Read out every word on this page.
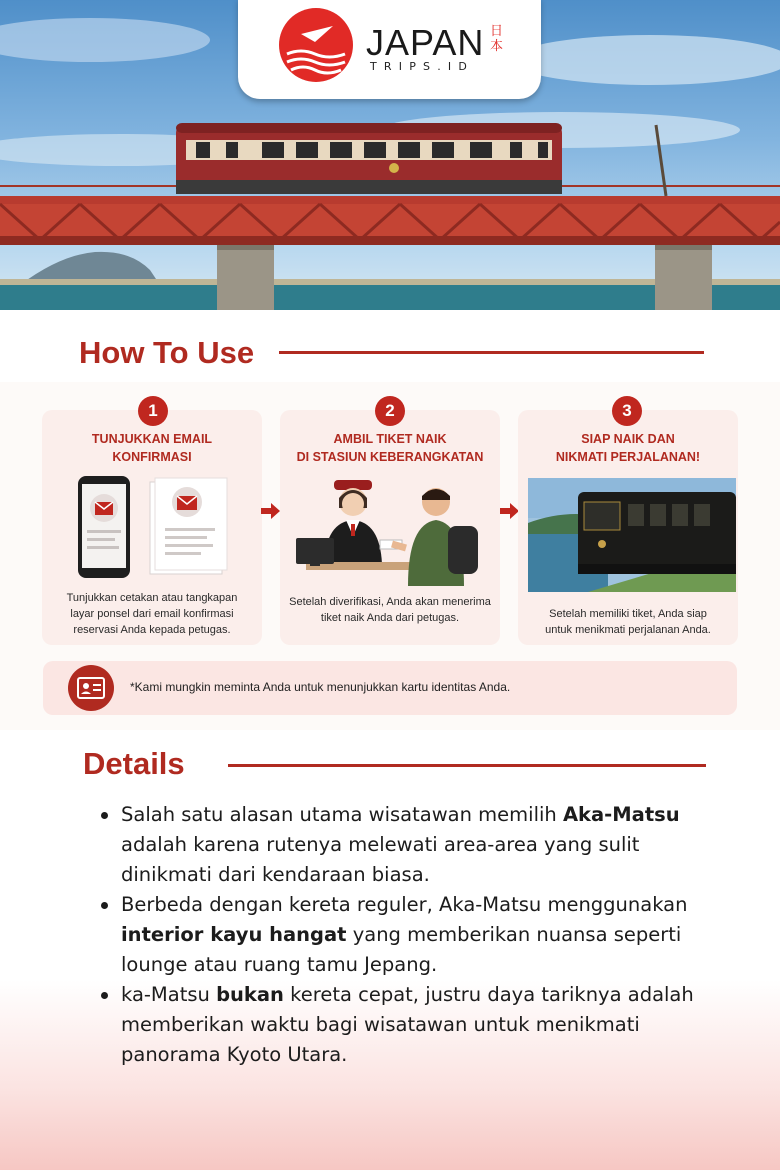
JAPAN
TRIPS.ID
日本
How To Use
TUNJUKKAN EMAIL
KONFIRMASI
Tunjukkan cetakan atau tangkapan
layar ponsel dari email konfirmasi
reservasi Anda kepada petugas.
1
AMBIL TIKET NAIK
DI STASIUN KEBERANGKATAN
Setelah diverifikasi, Anda akan menerima
tiket naik Anda dari petugas.
2
SIAP NAIK DAN
NIKMATI PERJALANAN!
Setelah memiliki tiket, Anda siap
untuk menikmati perjalanan Anda.
3
*Kami mungkin meminta Anda untuk menunjukkan kartu identitas Anda.
Details
Salah satu alasan utama wisatawan memilih Aka-Matsu adalah karena rutenya melewati area-area yang sulit dinikmati dari kendaraan biasa.
Berbeda dengan kereta reguler, Aka-Matsu menggunakan interior kayu hangat yang memberikan nuansa seperti lounge atau ruang tamu Jepang.
ka-Matsu bukan kereta cepat, justru daya tariknya adalah memberikan waktu bagi wisatawan untuk menikmati panorama Kyoto Utara.
